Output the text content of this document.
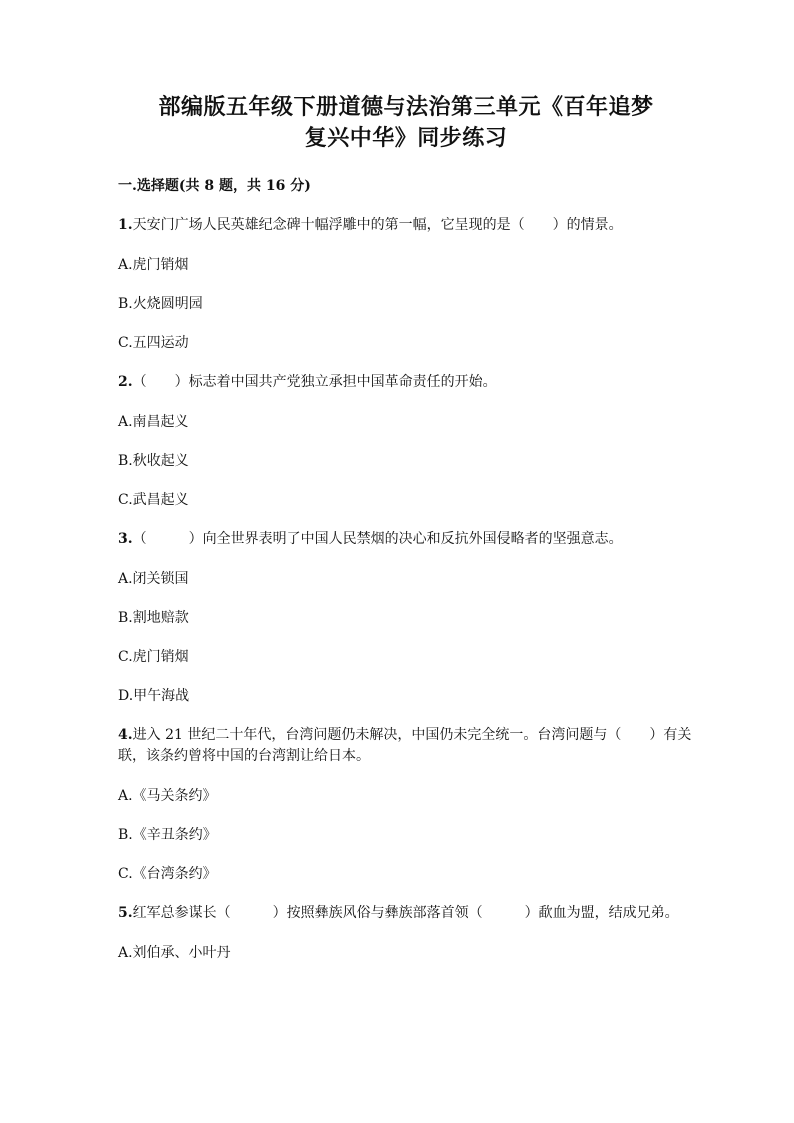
部编版五年级下册道德与法治第三单元《百年追梦
复兴中华》同步练习
一.选择题(共 8 题，共 16 分)

1.天安门广场人民英雄纪念碑十幅浮雕中的第一幅，它呈现的是（　　）的情景。

A.虎门销烟

B.火烧圆明园

C.五四运动

2.（　　）标志着中国共产党独立承担中国革命责任的开始。

A.南昌起义

B.秋收起义

C.武昌起义

3.（　　　）向全世界表明了中国人民禁烟的决心和反抗外国侵略者的坚强意志。

A.闭关锁国

B.割地赔款

C.虎门销烟

D.甲午海战

4.进入 21 世纪二十年代，台湾问题仍未解决，中国仍未完全统一。台湾问题与（　　）有关联，该条约曾将中国的台湾割让给日本。

A.《马关条约》

B.《辛丑条约》

C.《台湾条约》

5.红军总参谋长（　　　）按照彝族风俗与彝族部落首领（　　　）歃血为盟，结成兄弟。

A.刘伯承、小叶丹
